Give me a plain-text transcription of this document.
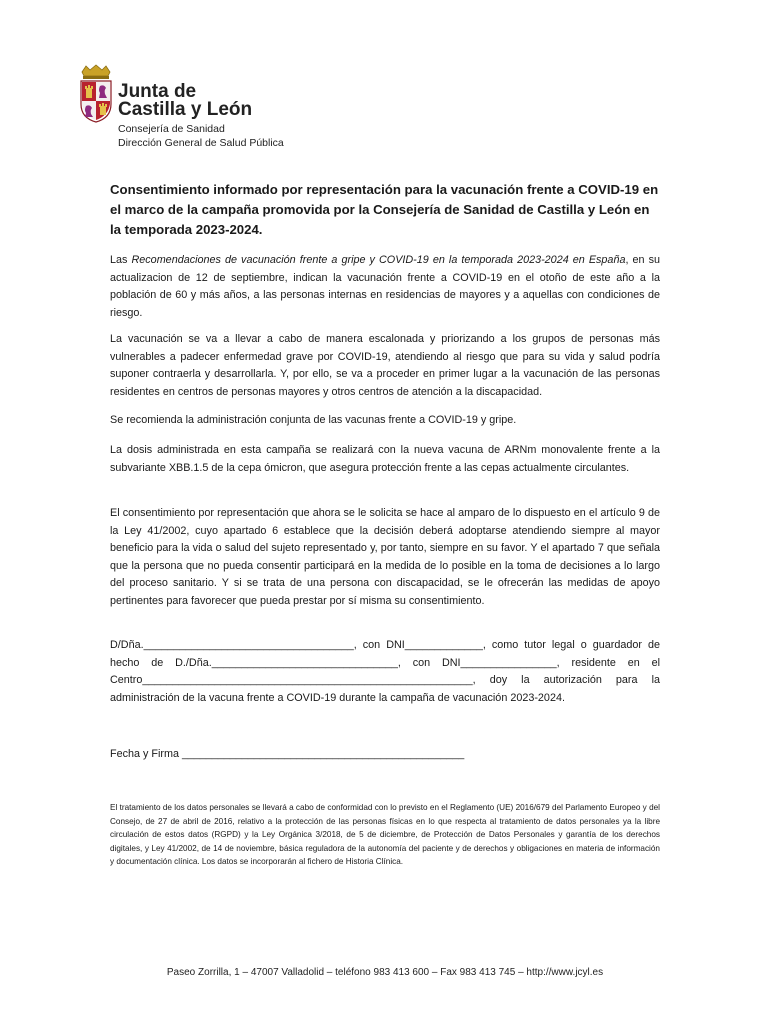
Junta de
Castilla y León
Consejería de Sanidad
Dirección General de Salud Pública
Consentimiento informado por representación para la vacunación frente a COVID-19 en el marco de la campaña promovida por la Consejería de Sanidad de Castilla y León en la temporada 2023-2024.

Las Recomendaciones de vacunación frente a gripe y COVID-19 en la temporada 2023-2024 en España, en su actualizacion de 12 de septiembre, indican la vacunación frente a COVID-19 en el otoño de este año a la población de 60 y más años, a las personas internas en residencias de mayores y a aquellas con condiciones de riesgo.

La vacunación se va a llevar a cabo de manera escalonada y priorizando a los grupos de personas más vulnerables a padecer enfermedad grave por COVID-19, atendiendo al riesgo que para su vida y salud podría suponer contraerla y desarrollarla. Y, por ello, se va a proceder en primer lugar a la vacunación de las personas residentes en centros de personas mayores y otros centros de atención a la discapacidad.

Se recomienda la administración conjunta de las vacunas frente a COVID-19 y gripe.

La dosis administrada en esta campaña se realizará con la nueva vacuna de ARNm monovalente frente a la subvariante XBB.1.5 de la cepa ómicron, que asegura protección frente a las cepas actualmente circulantes.

El consentimiento por representación que ahora se le solicita se hace al amparo de lo dispuesto en el artículo 9 de la Ley 41/2002, cuyo apartado 6 establece que la decisión deberá adoptarse atendiendo siempre al mayor beneficio para la vida o salud del sujeto representado y, por tanto, siempre en su favor. Y el apartado 7 que señala que la persona que no pueda consentir participará en la medida de lo posible en la toma de decisiones a lo largo del proceso sanitario. Y si se trata de una persona con discapacidad, se le ofrecerán las medidas de apoyo pertinentes para favorecer que pueda prestar por sí misma su consentimiento.

D/Dña.___________________________________, con DNI_____________, como tutor legal o guardador de hecho de D./Dña._______________________________, con DNI________________, residente en el Centro_______________________________________________________, doy la autorización para la administración de la vacuna frente a COVID-19 durante la campaña de vacunación 2023-2024.

Fecha y Firma _______________________________________________

El tratamiento de los datos personales se llevará a cabo de conformidad con lo previsto en el Reglamento (UE) 2016/679 del Parlamento Europeo y del Consejo, de 27 de abril de 2016, relativo a la protección de las personas físicas en lo que respecta al tratamiento de datos personales ya la libre circulación de estos datos (RGPD) y la Ley Orgánica 3/2018, de 5 de diciembre, de Protección de Datos Personales y garantía de los derechos digitales, y Ley 41/2002, de 14 de noviembre, básica reguladora de la autonomía del paciente y de derechos y obligaciones en materia de información y documentación clínica. Los datos se incorporarán al fichero de Historia Clínica.

Paseo Zorrilla, 1 – 47007 Valladolid – teléfono 983 413 600 – Fax 983 413 745 – http://www.jcyl.es
